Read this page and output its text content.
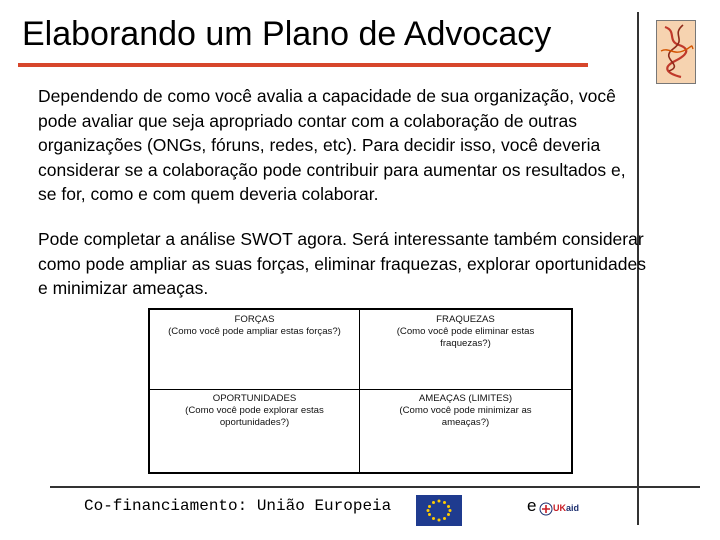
Elaborando um Plano de Advocacy

Dependendo de como você avalia a capacidade de sua organização, você pode avaliar que seja apropriado contar com a colaboração de outras organizações (ONGs, fóruns, redes, etc). Para decidir isso, você deveria considerar se a colaboração pode contribuir para aumentar os resultados e, se for, como e com quem deveria colaborar.

Pode completar a análise SWOT agora. Será interessante também considerar como pode ampliar as suas forças, eliminar fraquezas, explorar oportunidades e minimizar ameaças.

FORÇAS
(Como você pode ampliar estas forças?)
FRAQUEZAS
(Como você pode eliminar estas fraquezas?)
OPORTUNIDADES
(Como você pode explorar estas oportunidades?)
AMEAÇAS (LIMITES)
(Como você pode minimizar as ameaças?)
Co-financiamento: União Europeia	e	UKaid
